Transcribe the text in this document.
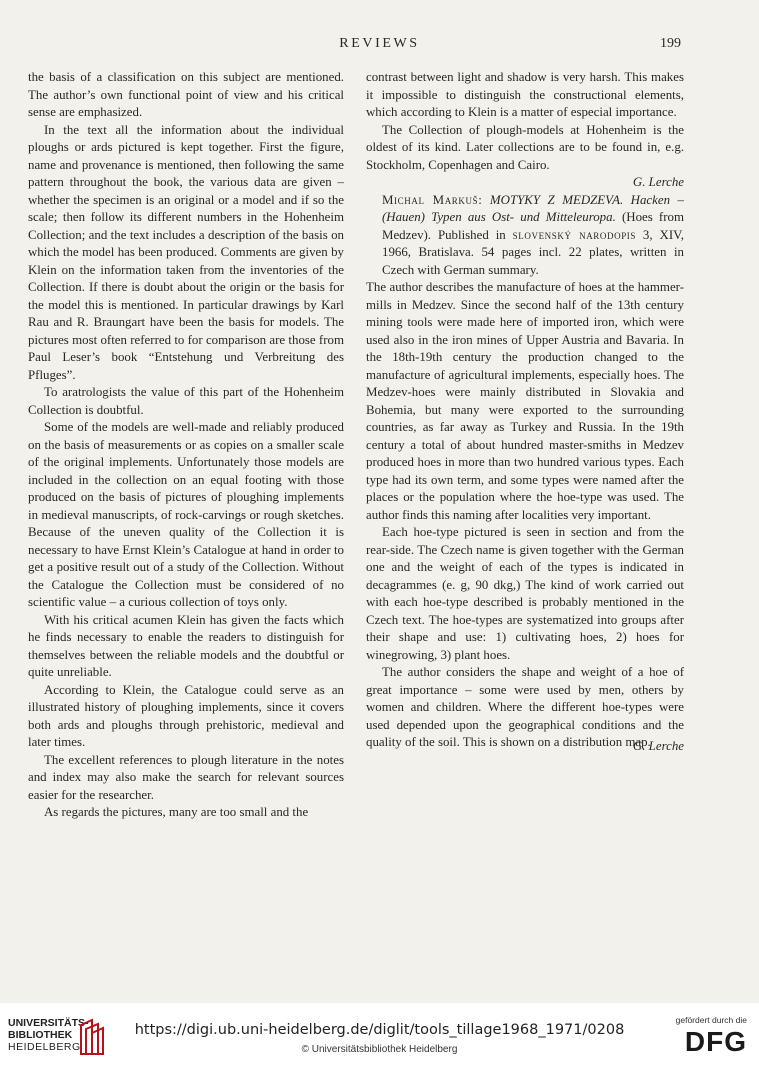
REVIEWS	199

the basis of a classification on this subject are mentioned. The author’s own functional point of view and his critical sense are emphasized.

In the text all the information about the individual ploughs or ards pictured is kept together. First the figure, name and provenance is mentioned, then following the same pattern throughout the book, the various data are given – whether the specimen is an original or a model and if so the scale; then follow its different numbers in the Hohenheim Collection; and the text includes a description of the basis on which the model has been produced. Comments are given by Klein on the information taken from the inventories of the Collection. If there is doubt about the origin or the basis for the model this is mentioned. In particular drawings by Karl Rau and R. Braungart have been the basis for models. The pictures most often referred to for comparison are those from Paul Leser’s book “Entstehung und Verbreitung des Pfluges”.

To aratrologists the value of this part of the Hohenheim Collection is doubtful.

Some of the models are well-made and reliably produced on the basis of measurements or as copies on a smaller scale of the original implements. Unfortunately those models are included in the collection on an equal footing with those produced on the basis of pictures of ploughing implements in medieval manuscripts, of rock-carvings or rough sketches. Because of the uneven quality of the Collection it is necessary to have Ernst Klein’s Catalogue at hand in order to get a positive result out of a study of the Collection. Without the Catalogue the Collection must be considered of no scientific value – a curious collection of toys only.

With his critical acumen Klein has given the facts which he finds necessary to enable the readers to distinguish for themselves between the reliable models and the doubtful or quite unreliable.

According to Klein, the Catalogue could serve as an illustrated history of ploughing implements, since it covers both ards and ploughs through prehistoric, medieval and later times.

The excellent references to plough literature in the notes and index may also make the search for relevant sources easier for the researcher.

As regards the pictures, many are too small and the

contrast between light and shadow is very harsh. This makes it impossible to distinguish the constructional elements, which according to Klein is a matter of especial importance.

The Collection of plough-models at Hohenheim is the oldest of its kind. Later collections are to be found in, e.g. Stockholm, Copenhagen and Cairo.

G. Lerche

Michal Markuš: MOTYKY Z MEDZEVA. Hacken – (Hauen) Typen aus Ost- und Mitteleuropa. (Hoes from Medzev). Published in slovenský narodopis 3, XIV, 1966, Bratislava. 54 pages incl. 22 plates, written in Czech with German summary.

The author describes the manufacture of hoes at the hammer-mills in Medzev. Since the second half of the 13th century mining tools were made here of imported iron, which were used also in the iron mines of Upper Austria and Bavaria. In the 18th-19th century the production changed to the manufacture of agricultural implements, especially hoes. The Medzev-hoes were mainly distributed in Slovakia and Bohemia, but many were exported to the surrounding countries, as far away as Turkey and Russia. In the 19th century a total of about hundred master-smiths in Medzev produced hoes in more than two hundred various types. Each type had its own term, and some types were named after the places or the population where the hoe-type was used. The author finds this naming after localities very important.

Each hoe-type pictured is seen in section and from the rear-side. The Czech name is given together with the German one and the weight of each of the types is indicated in decagrammes (e. g, 90 dkg,) The kind of work carried out with each hoe-type described is probably mentioned in the Czech text. The hoe-types are systematized into groups after their shape and use: 1) cultivating hoes, 2) hoes for winegrowing, 3) plant hoes.

The author considers the shape and weight of a hoe of great importance – some were used by men, others by women and children. Where the different hoe-types were used depended upon the geographical conditions and the quality of the soil. This is shown on a distribution map.
G. Lerche

UNIVERSITÄTS-
BIBLIOTHEK
HEIDELBERG
https://digi.ub.uni-heidelberg.de/diglit/tools_tillage1968_1971/0208
© Universitätsbibliothek Heidelberg
gefördert durch die
DFG
